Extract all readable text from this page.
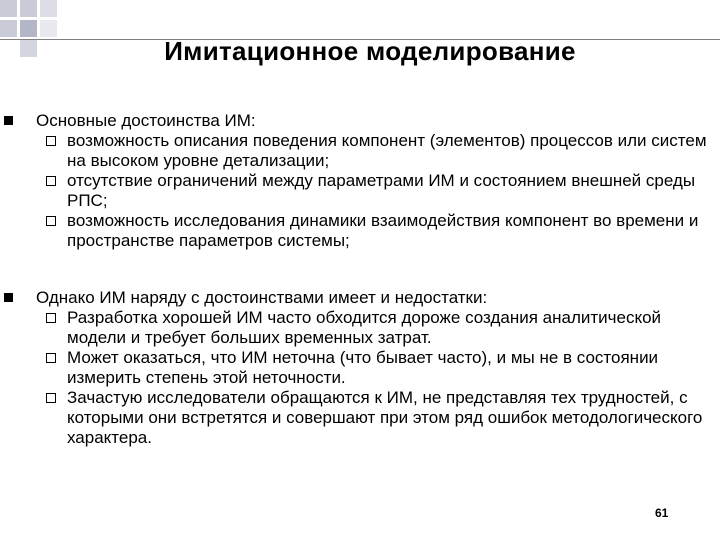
Имитационное моделирование
Основные достоинства ИМ:
возможность описания поведения компонент (элементов) процессов или систем на высоком уровне детализации;
отсутствие ограничений между параметрами ИМ и состоянием внешней среды РПС;
возможность исследования динамики взаимодействия компонент во времени и пространстве параметров системы;
Однако ИМ наряду с достоинствами имеет и недостатки:
Разработка хорошей ИМ часто обходится дороже создания аналитической модели и требует больших временных затрат.
Может оказаться, что ИМ неточна (что бывает часто), и мы не в состоянии измерить степень этой неточности.
Зачастую исследователи обращаются к ИМ, не представляя тех трудностей, с которыми они встретятся и совершают при этом ряд ошибок методологического характера.
61
